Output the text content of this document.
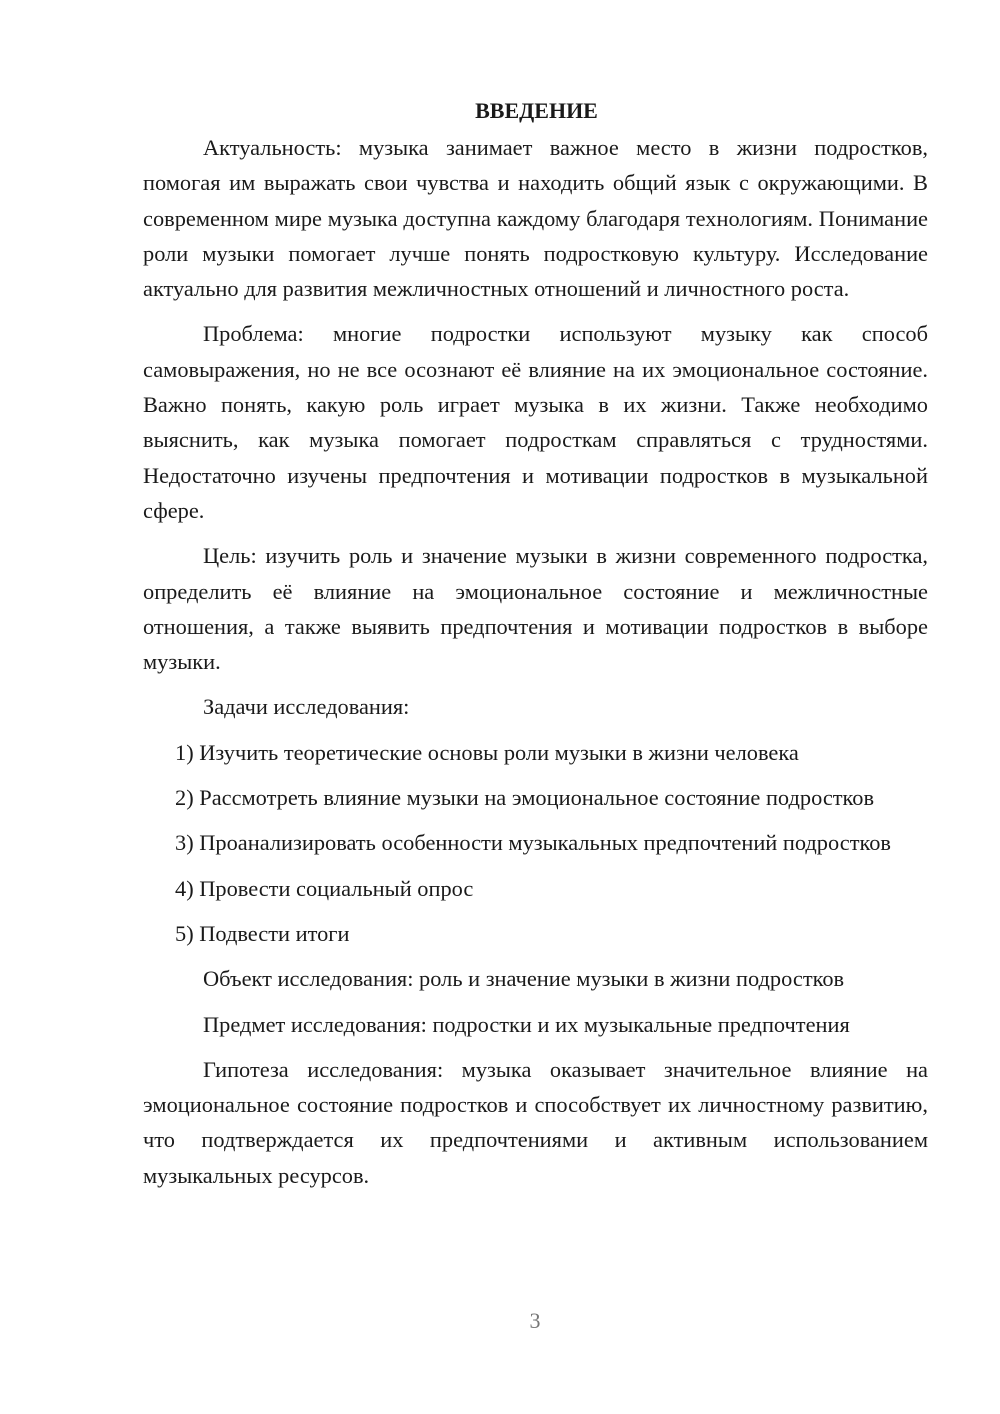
ВВЕДЕНИЕ

Актуальность: музыка занимает важное место в жизни подростков, помогая им выражать свои чувства и находить общий язык с окружающими. В современном мире музыка доступна каждому благодаря технологиям. Понимание роли музыки помогает лучше понять подростковую культуру. Исследование актуально для развития межличностных отношений и личностного роста.

Проблема: многие подростки используют музыку как способ самовыражения, но не все осознают её влияние на их эмоциональное состояние. Важно понять, какую роль играет музыка в их жизни. Также необходимо выяснить, как музыка помогает подросткам справляться с трудностями. Недостаточно изучены предпочтения и мотивации подростков в музыкальной сфере.

Цель: изучить роль и значение музыки в жизни современного подростка, определить её влияние на эмоциональное состояние и межличностные отношения, а также выявить предпочтения и мотивации подростков в выборе музыки.

Задачи исследования:

1) Изучить теоретические основы роли музыки в жизни человека

2) Рассмотреть влияние музыки на эмоциональное состояние подростков

3) Проанализировать особенности музыкальных предпочтений подростков

4) Провести социальный опрос

5) Подвести итоги

Объект исследования: роль и значение музыки в жизни подростков

Предмет исследования: подростки и их музыкальные предпочтения

Гипотеза исследования: музыка оказывает значительное влияние на эмоциональное состояние подростков и способствует их личностному развитию, что подтверждается их предпочтениями и активным использованием музыкальных ресурсов.

3
